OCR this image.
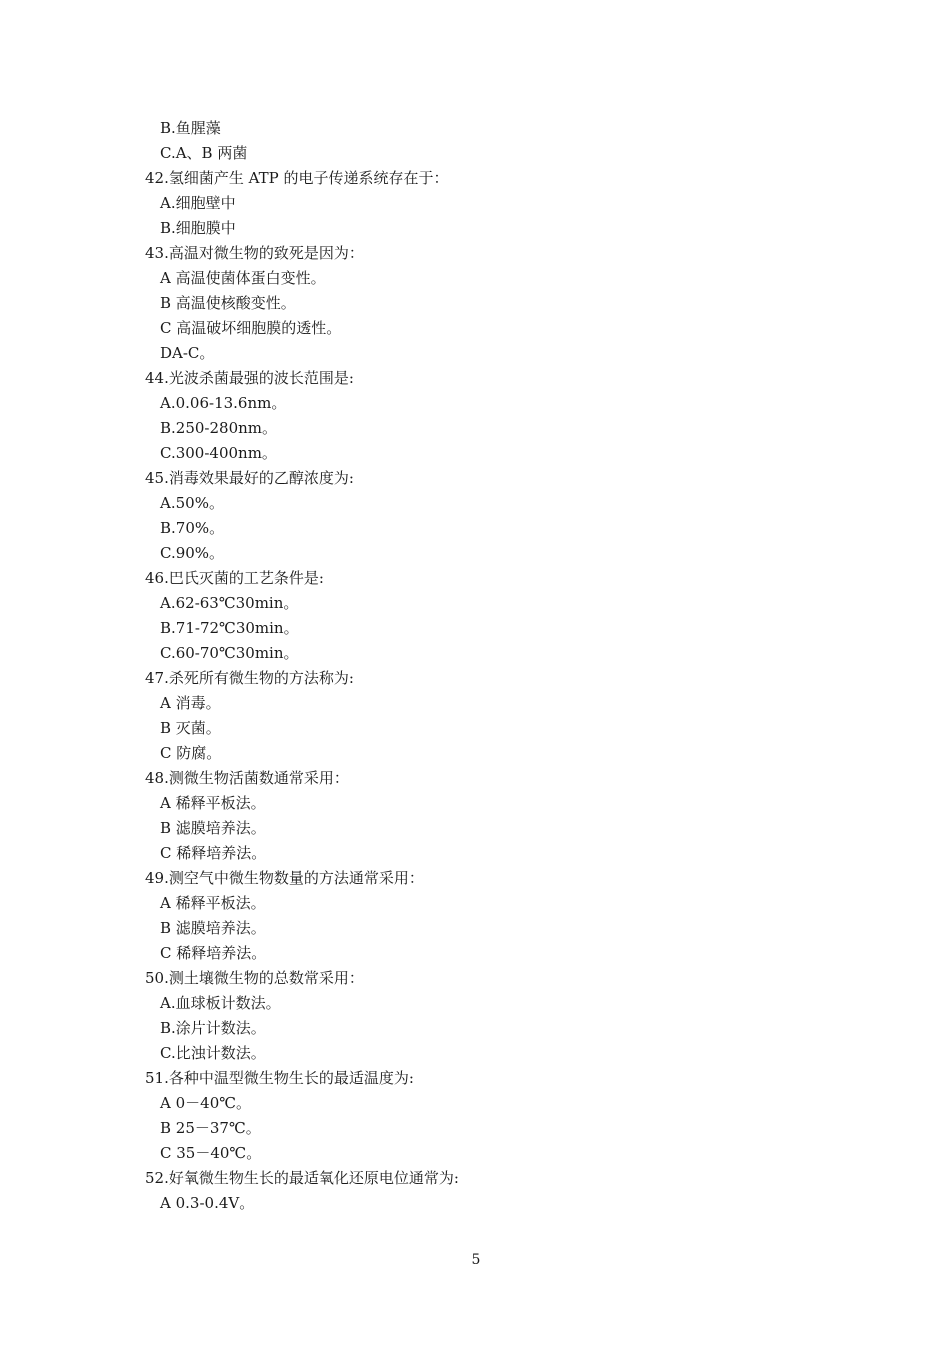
B.鱼腥藻
C.A、B 两菌
42.氢细菌产生 ATP 的电子传递系统存在于：
A.细胞壁中
B.细胞膜中
43.高温对微生物的致死是因为：
A 高温使菌体蛋白变性。
B 高温使核酸变性。
C 高温破坏细胞膜的透性。
DA-C。
44.光波杀菌最强的波长范围是:
A.0.06-13.6nm。
B.250-280nm。
C.300-400nm。
45.消毒效果最好的乙醇浓度为:
A.50%。
B.70%。
C.90%。
46.巴氏灭菌的工艺条件是:
A.62-63℃30min。
B.71-72℃30min。
C.60-70℃30min。
47.杀死所有微生物的方法称为:
A 消毒。
B 灭菌。
C 防腐。
48.测微生物活菌数通常采用：
A 稀释平板法。
B 滤膜培养法。
C 稀释培养法。
49.测空气中微生物数量的方法通常采用：
A 稀释平板法。
B 滤膜培养法。
C 稀释培养法。
50.测土壤微生物的总数常采用：
A.血球板计数法。
B.涂片计数法。
C.比浊计数法。
51.各种中温型微生物生长的最适温度为:
A 0－40℃。
B 25－37℃。
C 35－40℃。
52.好氧微生物生长的最适氧化还原电位通常为:
A 0.3-0.4V。
5
